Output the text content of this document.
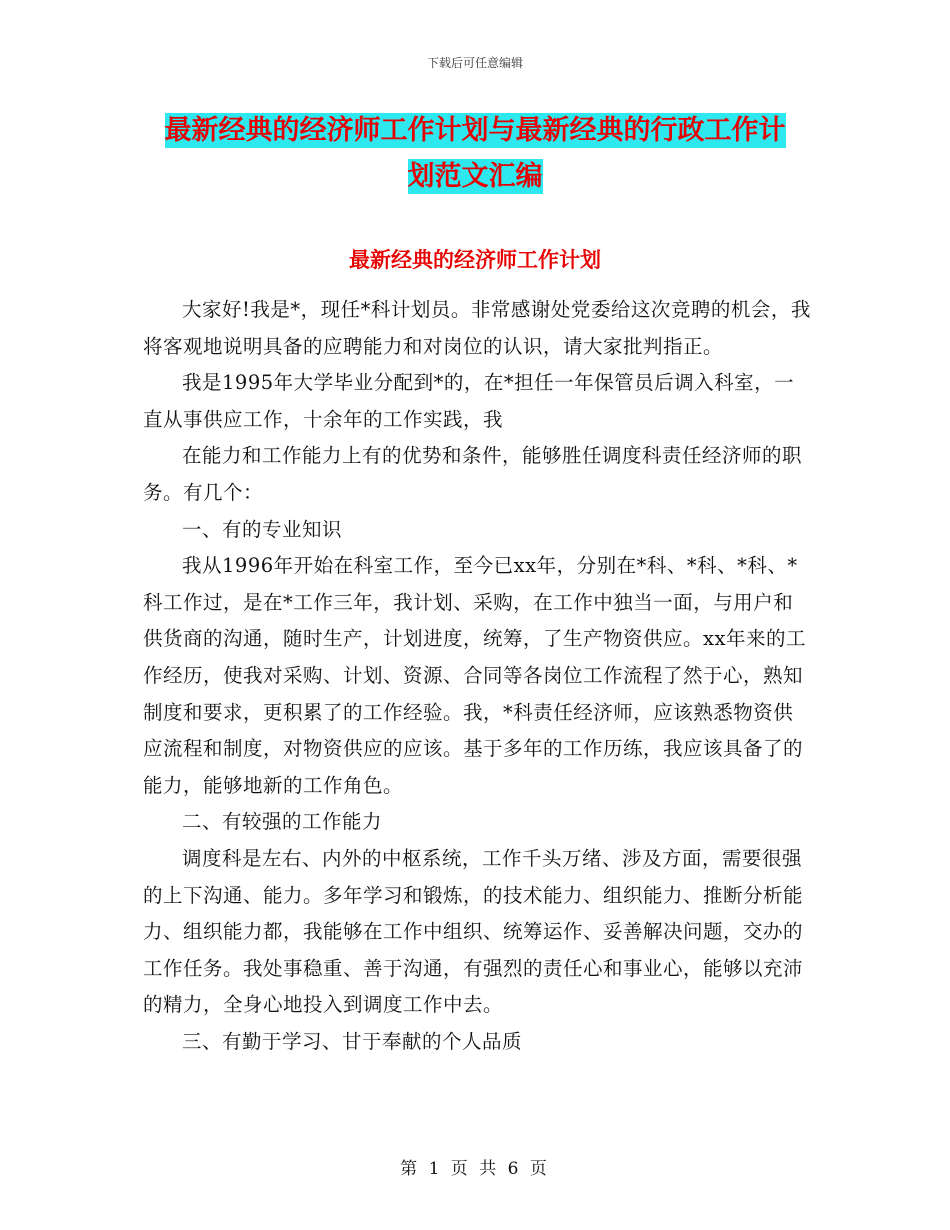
下载后可任意编辑
最新经典的经济师工作计划与最新经典的行政工作计
划范文汇编
最新经典的经济师工作计划

大家好!我是*，现任*科计划员。非常感谢处党委给这次竞聘的机会，我将客观地说明具备的应聘能力和对岗位的认识，请大家批判指正。

我是1995年大学毕业分配到*的，在*担任一年保管员后调入科室，一直从事供应工作，十余年的工作实践，我

在能力和工作能力上有的优势和条件，能够胜任调度科责任经济师的职务。有几个：

一、有的专业知识

我从1996年开始在科室工作，至今已xx年，分别在*科、*科、*科、*科工作过，是在*工作三年，我计划、采购，在工作中独当一面，与用户和供货商的沟通，随时生产，计划进度，统筹，了生产物资供应。xx年来的工作经历，使我对采购、计划、资源、合同等各岗位工作流程了然于心，熟知制度和要求，更积累了的工作经验。我，*科责任经济师，应该熟悉物资供应流程和制度，对物资供应的应该。基于多年的工作历练，我应该具备了的能力，能够地新的工作角色。

二、有较强的工作能力

调度科是左右、内外的中枢系统，工作千头万绪、涉及方面，需要很强的上下沟通、能力。多年学习和锻炼，的技术能力、组织能力、推断分析能力、组织能力都，我能够在工作中组织、统筹运作、妥善解决问题，交办的工作任务。我处事稳重、善于沟通，有强烈的责任心和事业心，能够以充沛的精力，全身心地投入到调度工作中去。

三、有勤于学习、甘于奉献的个人品质

第 1 页 共 6 页
